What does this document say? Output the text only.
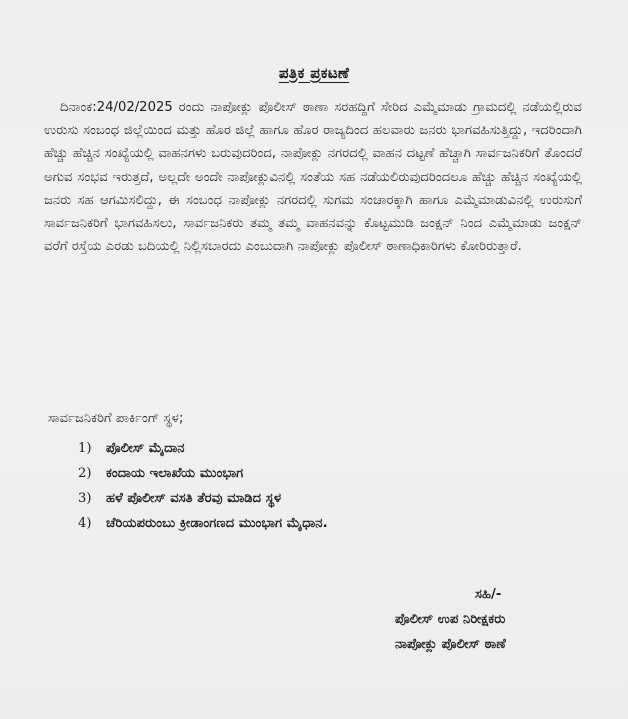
ಪತ್ರಿಕ ಪ್ರಕಟಣೆ

ದಿನಾಂಕ:24/02/2025 ರಂದು ನಾಪೋಕ್ಲು ಪೊಲೀಸ್ ಠಾಣಾ ಸರಹದ್ದಿಗೆ ಸೇರಿದ ಎಮ್ಮೆಮಾಡು ಗ್ರಾಮದಲ್ಲಿ ನಡೆಯಲ್ಲಿರುವ ಉರುಸು ಸಂಬಂಧ ಜಿಲ್ಲೆಯಿಂದ ಮತ್ತು ಹೊರ ಜಿಲ್ಲೆ ಹಾಗೂ ಹೊರ ರಾಜ್ಯದಿಂದ ಹಲವಾರು ಜನರು ಭಾಗವಹಿಸುತ್ತಿದ್ದು, ಇದರಿಂದಾಗಿ ಹೆಚ್ಚು ಹೆಚ್ಚಿನ ಸಂಖ್ಯೆಯಲ್ಲಿ ವಾಹನಗಳು ಬರುವುದರಿಂದ, ನಾಪೋಕ್ಲು ನಗರದಲ್ಲಿ ವಾಹನ ದಟ್ಟಣೆ ಹೆಚ್ಚಾಗಿ ಸಾರ್ವಜನಿಕರಿಗೆ ತೊಂದರೆ ಅಗುವ ಸಂಭವ ಇರುತ್ತದೆ, ಅಲ್ಲದೇ ಅಂದೇ ನಾಪೋಕ್ಲುವಿನಲ್ಲಿ ಸಂತೆಯ ಸಹ ನಡೆಯಲಿರುವುದರಿಂದಲೂ ಹೆಚ್ಚು ಹೆಚ್ಚಿನ ಸಂಖ್ಯೆಯಲ್ಲಿ ಜನರು ಸಹ ಆಗಮಿಸಲಿದ್ದು, ಈ ಸಂಬಂಧ ನಾಪೋಕ್ಲು ನಗರದಲ್ಲಿ ಸುಗಮ ಸಂಚಾರಕ್ಕಾಗಿ ಹಾಗೂ ಎಮ್ಮೆಮಾಡುವಿನಲ್ಲಿ ಉರುಸುಗೆ ಸಾರ್ವಜನಿಕರಿಗೆ ಭಾಗವಹಿಸಲು, ಸಾರ್ವಜನಿಕರು ತಮ್ಮ ತಮ್ಮ ವಾಹನವನ್ನು ಕೊಟ್ಟಮುಡಿ ಜಂಕ್ಷನ್ ನಿಂದ ಎಮ್ಮೆಮಾಡು ಜಂಕ್ಷನ್ ವರೆಗೆ ರಸ್ತೆಯ ಎರಡು ಬದಿಯಲ್ಲಿ ನಿಲ್ಲಿಸಬಾರದು ಎಂಬುದಾಗಿ ನಾಪೋಕ್ಲು ಪೊಲೀಸ್ ಠಾಣಾಧಿಕಾರಿಗಳು ಕೋರಿರುತ್ತಾರೆ.

ಸಾರ್ವಜನಿಕರಿಗೆ ಪಾರ್ಕಿಂಗ್ ಸ್ಥಳ;

1)	ಪೊಲೀಸ್ ಮೈದಾನ
2)	ಕಂದಾಯ ಇಲಾಖೆಯ ಮುಂಭಾಗ
3)	ಹಳೆ ಪೊಲೀಸ್ ವಸತಿ ತೆರವು ಮಾಡಿದ ಸ್ಥಳ
4)	ಚೆರಿಯಪರುಂಬು ಕ್ರೀಡಾಂಗಣದ ಮುಂಭಾಗ ಮೈಧಾನ.
ಸಹಿ/-
ಪೊಲೀಸ್ ಉಪ ನಿರೀಕ್ಷಕರು
ನಾಪೋಕ್ಲು ಪೊಲೀಸ್ ಠಾಣೆ
